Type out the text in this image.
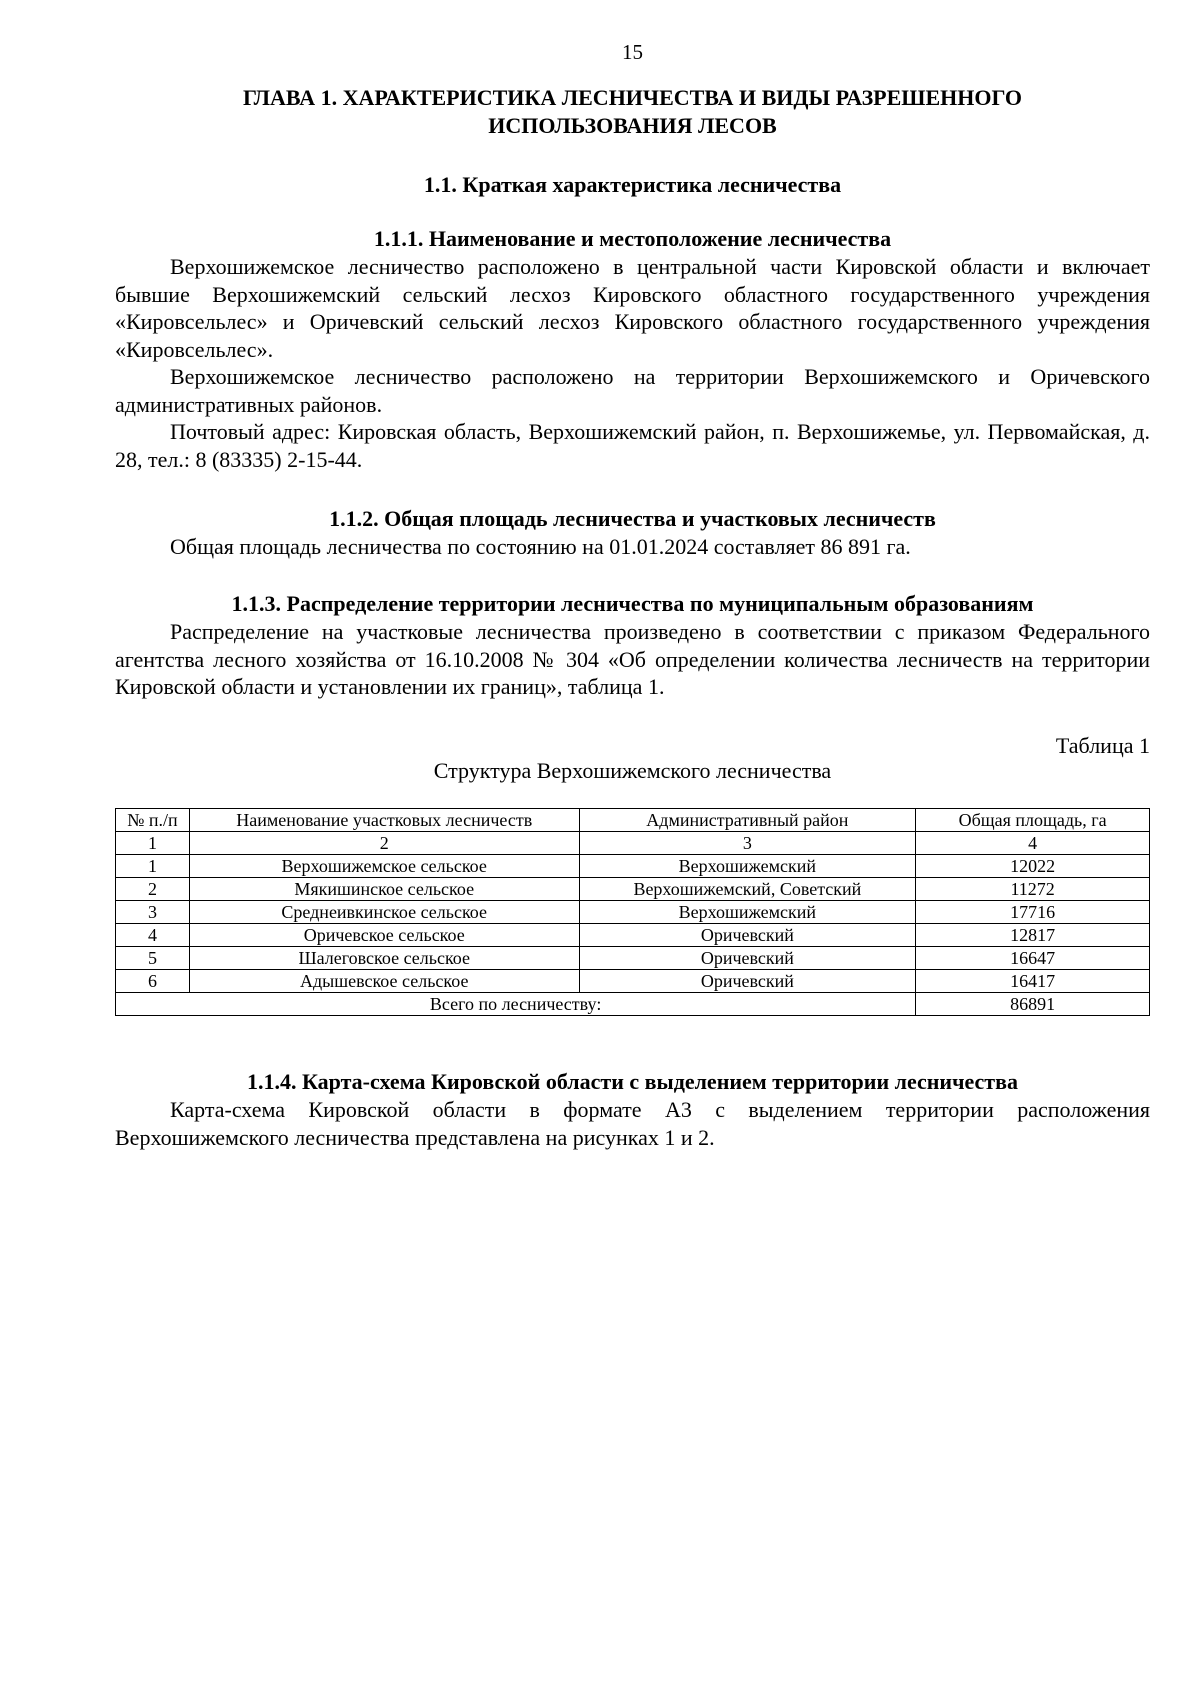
15
ГЛАВА 1. ХАРАКТЕРИСТИКА ЛЕСНИЧЕСТВА И ВИДЫ РАЗРЕШЕННОГО
ИСПОЛЬЗОВАНИЯ ЛЕСОВ
1.1. Краткая характеристика лесничества
1.1.1. Наименование и местоположение лесничества

Верхошижемское лесничество расположено в центральной части Кировской области и включает бывшие Верхошижемский сельский лесхоз Кировского областного государственного учреждения «Кировсельлес» и Оричевский сельский лесхоз Кировского областного государственного учреждения «Кировсельлес».

Верхошижемское лесничество расположено на территории Верхошижемского и Оричевского административных районов.

Почтовый адрес: Кировская область, Верхошижемский район, п. Верхошижемье, ул. Первомайская, д. 28, тел.: 8 (83335) 2-15-44.

1.1.2. Общая площадь лесничества и участковых лесничеств

Общая площадь лесничества по состоянию на 01.01.2024 составляет 86 891 га.

1.1.3. Распределение территории лесничества по муниципальным образованиям

Распределение на участковые лесничества произведено в соответствии с приказом Федерального агентства лесного хозяйства от 16.10.2008 № 304 «Об определении количества лесничеств на территории Кировской области и установлении их границ», таблица 1.

Таблица 1
Структура Верхошижемского лесничества
№ п./п	Наименование участковых лесничеств	Административный район	Общая площадь, га
1	2	3	4
1	Верхошижемское сельское	Верхошижемский	12022
2	Мякишинское сельское	Верхошижемский, Советский	11272
3	Среднеивкинское сельское	Верхошижемский	17716
4	Оричевское сельское	Оричевский	12817
5	Шалеговское сельское	Оричевский	16647
6	Адышевское сельское	Оричевский	16417
Всего по лесничеству:			86891
1.1.4. Карта-схема Кировской области с выделением территории лесничества

Карта-схема Кировской области в формате А3 с выделением территории расположения Верхошижемского лесничества представлена на рисунках 1 и 2.
